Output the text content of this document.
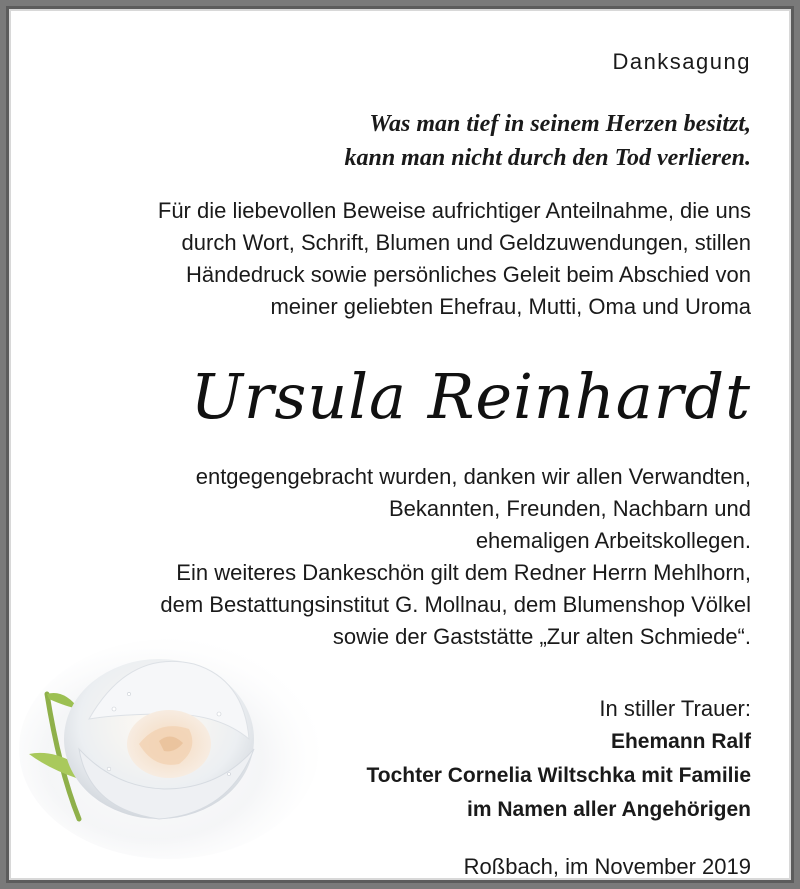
Danksagung
Was man tief in seinem Herzen besitzt,
kann man nicht durch den Tod verlieren.
Für die liebevollen Beweise aufrichtiger Anteilnahme, die uns
durch Wort, Schrift, Blumen und Geldzuwendungen, stillen
Händedruck sowie persönliches Geleit beim Abschied von
meiner geliebten Ehefrau, Mutti, Oma und Uroma
Ursula Reinhardt
entgegengebracht wurden, danken wir allen Verwandten,
Bekannten, Freunden, Nachbarn und
ehemaligen Arbeitskollegen.
Ein weiteres Dankeschön gilt dem Redner Herrn Mehlhorn,
dem Bestattungsinstitut G. Mollnau, dem Blumenshop Völkel
sowie der Gaststätte „Zur alten Schmiede“.
In stiller Trauer:
Ehemann Ralf
Tochter Cornelia Wiltschka mit Familie
im Namen aller Angehörigen
Roßbach, im November 2019
